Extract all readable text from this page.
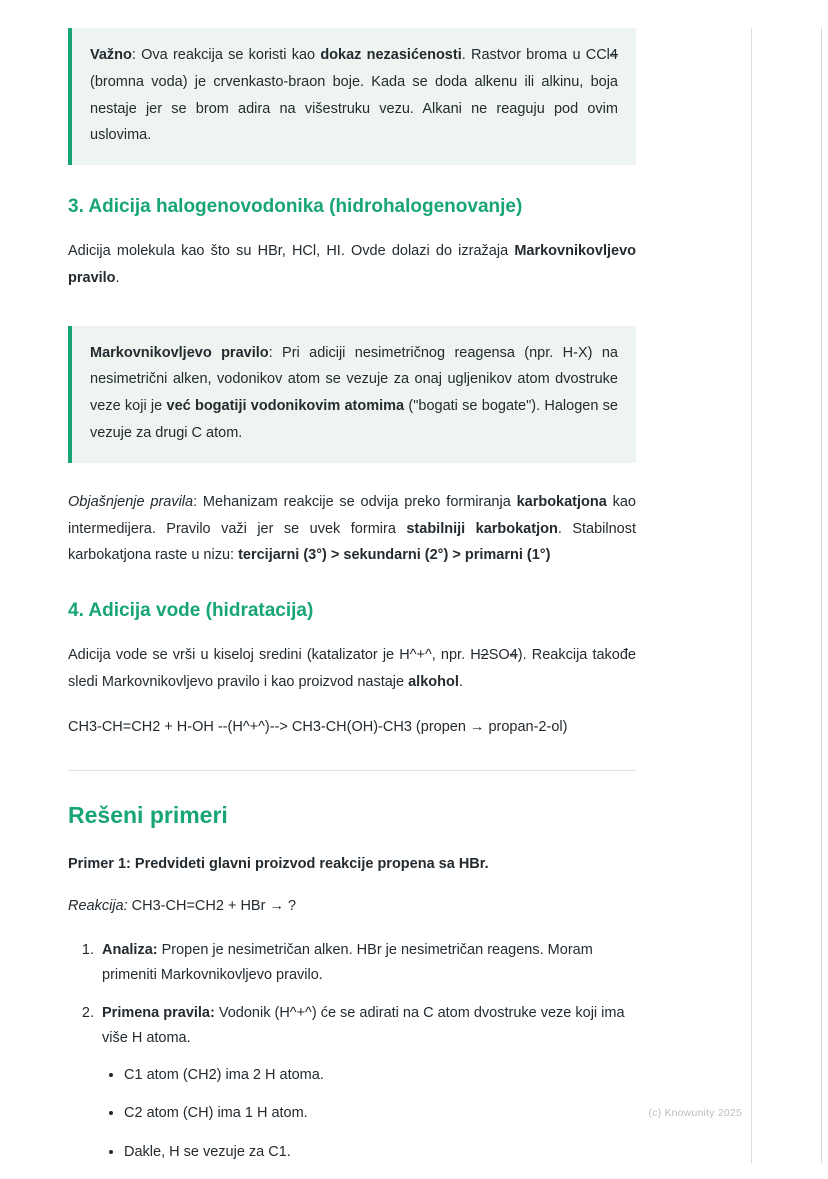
Važno: Ova reakcija se koristi kao dokaz nezasićenosti. Rastvor broma u CCl4 (bromna voda) je crvenkasto-braon boje. Kada se doda alkenu ili alkinu, boja nestaje jer se brom adira na višestruku vezu. Alkani ne reaguju pod ovim uslovima.

3. Adicija halogenovodonika (hidrohalogenovanje)

Adicija molekula kao što su HBr, HCl, HI. Ovde dolazi do izražaja Markovnikovljevo pravilo.

Markovnikovljevo pravilo: Pri adiciji nesimetričnog reagensa (npr. H-X) na nesimetrični alken, vodonikov atom se vezuje za onaj ugljenikov atom dvostruke veze koji je već bogatiji vodonikovim atomima ("bogati se bogate"). Halogen se vezuje za drugi C atom.

Objašnjenje pravila: Mehanizam reakcije se odvija preko formiranja karbokatjona kao intermedijera. Pravilo važi jer se uvek formira stabilniji karbokatjon. Stabilnost karbokatjona raste u nizu: tercijarni (3°) > sekundarni (2°) > primarni (1°)

4. Adicija vode (hidratacija)

Adicija vode se vrši u kiseloj sredini (katalizator je H^+^, npr. H2SO4). Reakcija takođe sledi Markovnikovljevo pravilo i kao proizvod nastaje alkohol.

CH3-CH=CH2 + H-OH --(H^+^)--> CH3-CH(OH)-CH3 (propen → propan-2-ol)

Rešeni primeri

Primer 1: Predvideti glavni proizvod reakcije propena sa HBr.

Reakcija: CH3-CH=CH2 + HBr → ?

1. Analiza: Propen je nesimetričan alken. HBr je nesimetričan reagens. Moram primeniti Markovnikovljevo pravilo.
2. Primena pravila: Vodonik (H^+^) će se adirati na C atom dvostruke veze koji ima više H atoma.
• C1 atom (CH2) ima 2 H atoma.
• C2 atom (CH) ima 1 H atom.
• Dakle, H se vezuje za C1.
(c) Knowunity 2025
